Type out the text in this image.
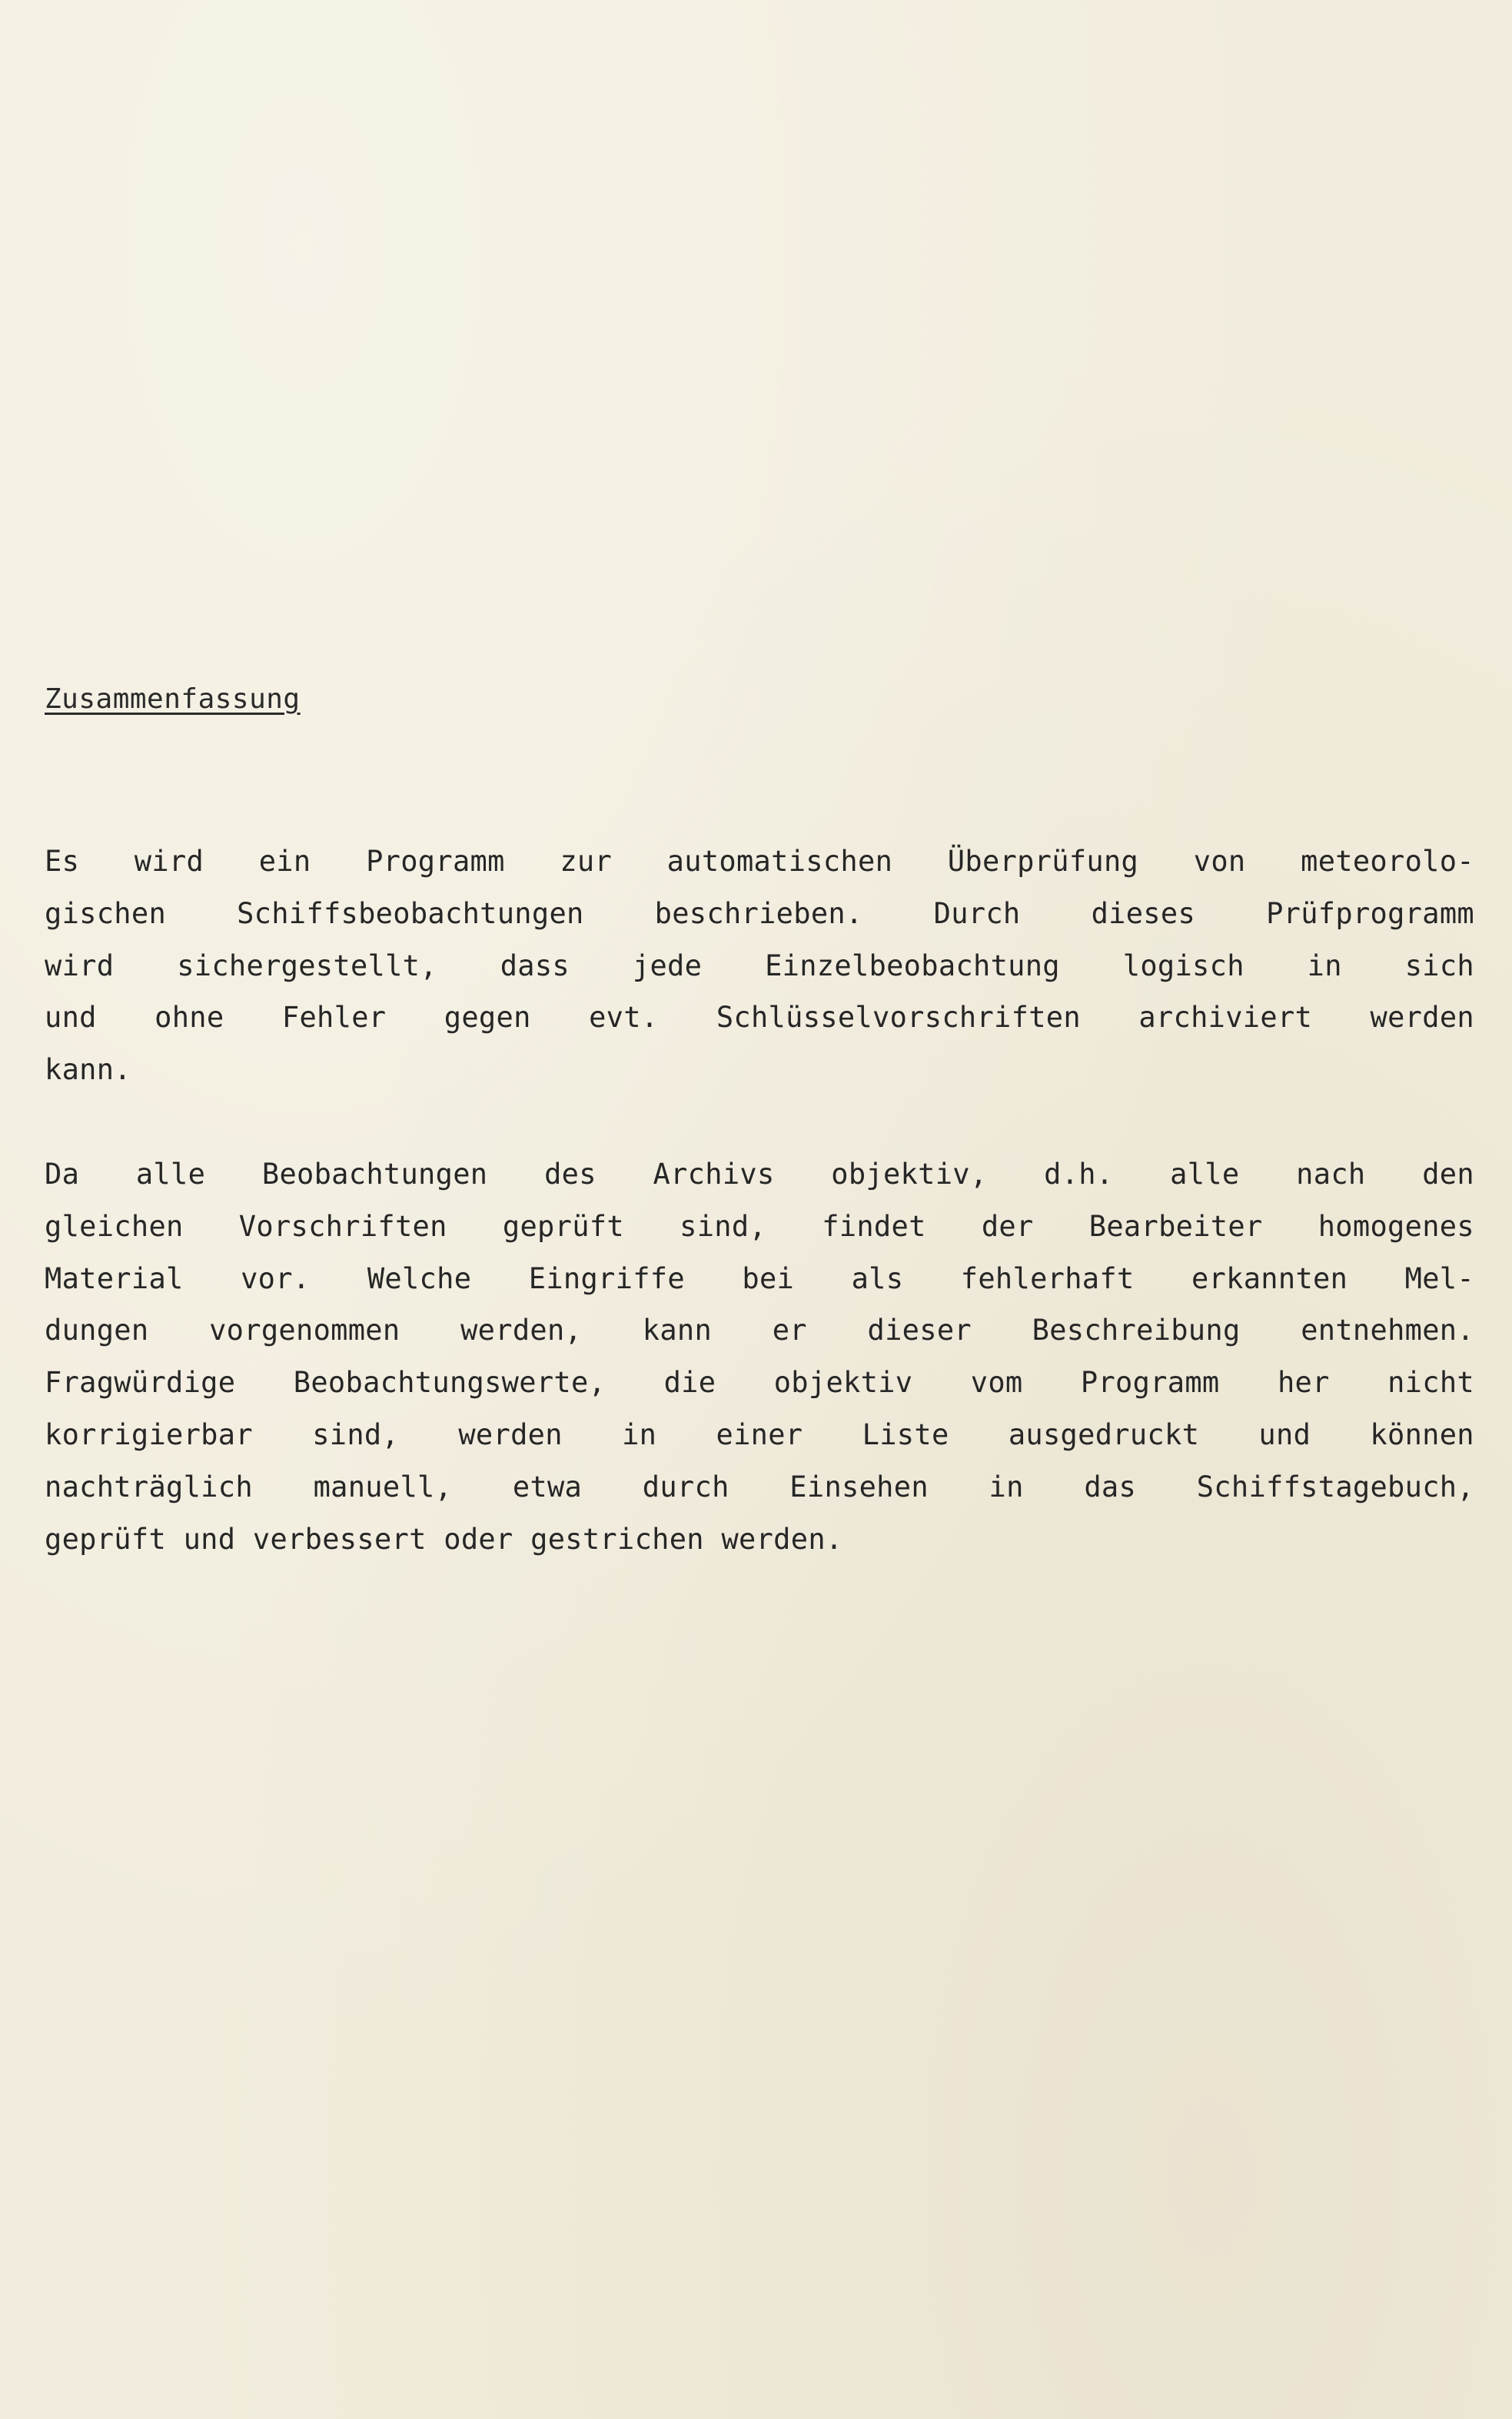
Zusammenfassung
Es wird ein Programm zur automatischen Überprüfung von meteorolo-
gischen Schiffsbeobachtungen beschrieben. Durch dieses Prüfprogramm
wird sichergestellt, dass jede Einzelbeobachtung logisch in sich
und ohne Fehler gegen evt. Schlüsselvorschriften archiviert werden
kann.
Da alle Beobachtungen des Archivs objektiv, d.h. alle nach den
gleichen Vorschriften geprüft sind, findet der Bearbeiter homogenes
Material vor. Welche Eingriffe bei als fehlerhaft erkannten Mel-
dungen vorgenommen werden, kann er dieser Beschreibung entnehmen.
Fragwürdige Beobachtungswerte, die objektiv vom Programm her nicht
korrigierbar sind, werden in einer Liste ausgedruckt und können
nachträglich manuell, etwa durch Einsehen in das Schiffstagebuch,
geprüft und verbessert oder gestrichen werden.
